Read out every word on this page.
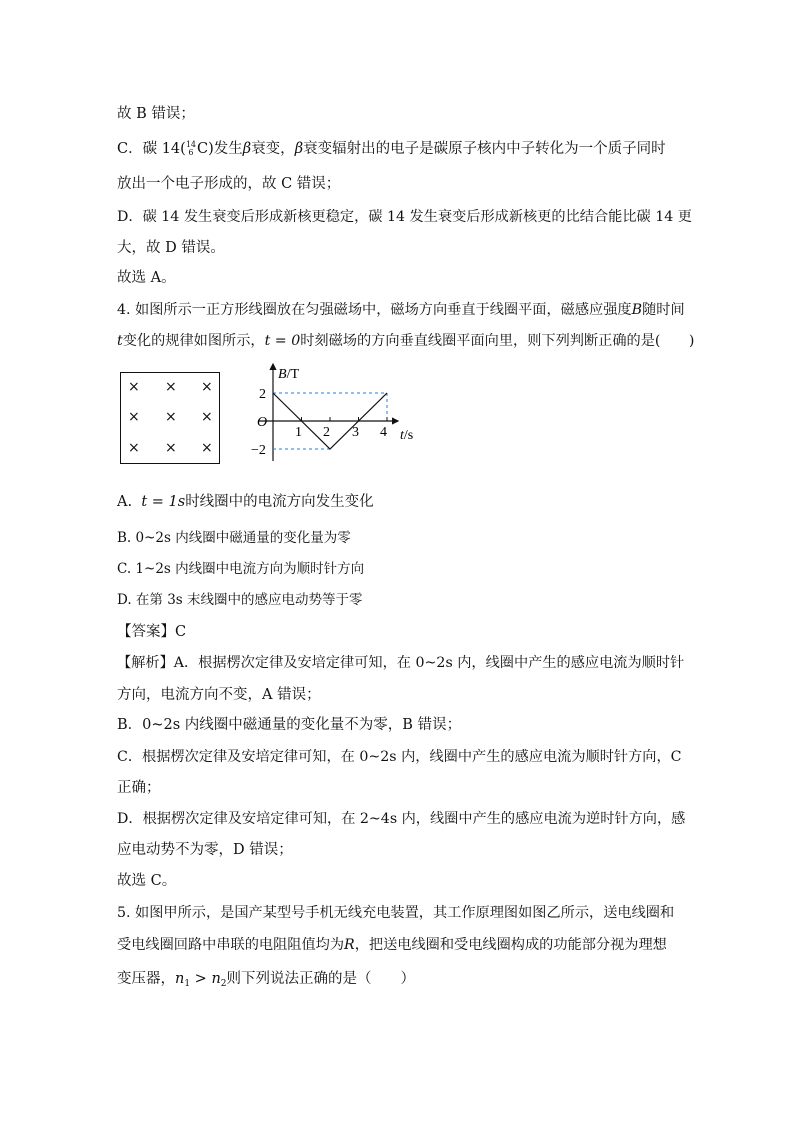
故 B 错误；
C．碳 14( 14
6 C)发生β衰变，β衰变辐射出的电子是碳原子核内中子转化为一个质子同时
放出一个电子形成的，故 C 错误；
D．碳 14 发生衰变后形成新核更稳定，碳 14 发生衰变后形成新核更的比结合能比碳 14 更
大，故 D 错误。
故选 A。
4. 如图所示一正方形线圈放在匀强磁场中，磁场方向垂直于线圈平面，磁感应强度B随时间
t变化的规律如图所示，t = 0时刻磁场的方向垂直线圈平面向里，则下列判断正确的是(　　)
× × ×
× × ×
× × ×
B/T
O
2
−2
1 2 3 4 t/s
A. t = 1s时线圈中的电流方向发生变化
B. 0~2s 内线圈中磁通量的变化量为零
C. 1~2s 内线圈中电流方向为顺时针方向
D. 在第 3s 末线圈中的感应电动势等于零
【答案】C
【解析】A．根据楞次定律及安培定律可知，在 0~2s 内，线圈中产生的感应电流为顺时针
方向，电流方向不变，A 错误；
B．0~2s 内线圈中磁通量的变化量不为零，B 错误；
C．根据楞次定律及安培定律可知，在 0~2s 内，线圈中产生的感应电流为顺时针方向，C
正确；
D．根据楞次定律及安培定律可知，在 2~4s 内，线圈中产生的感应电流为逆时针方向，感
应电动势不为零，D 错误；
故选 C。
5. 如图甲所示，是国产某型号手机无线充电装置，其工作原理图如图乙所示，送电线圈和
受电线圈回路中串联的电阻阻值均为R，把送电线圈和受电线圈构成的功能部分视为理想
变压器，$n_1 > n_2$则下列说法正确的是（　　）
